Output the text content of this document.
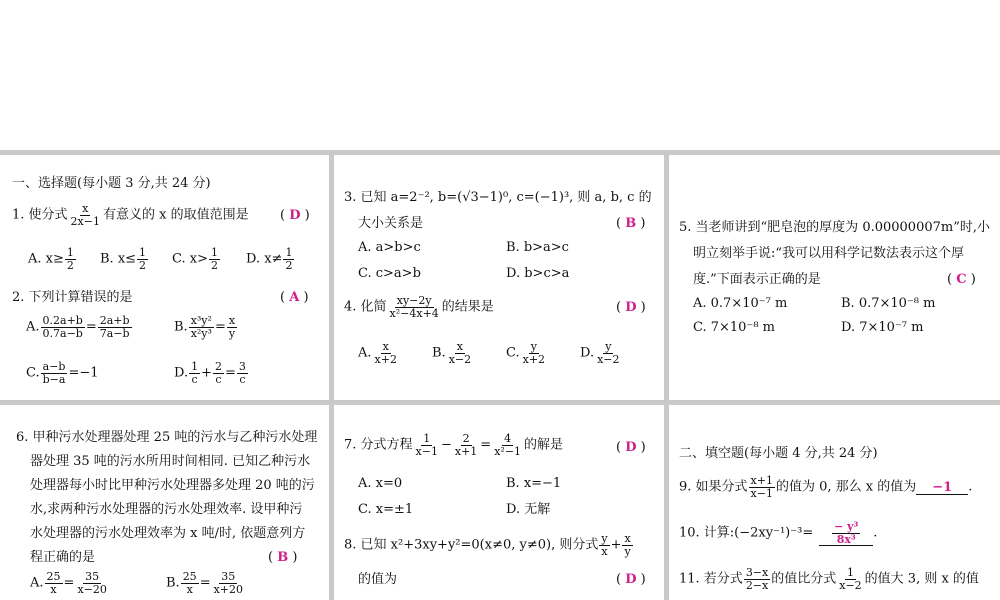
一、选择题(每小题 3 分,共 24 分)
1. 使分式 $\frac{x}{2x-1}$ 有意义的 x 的取值范围是 ( D )
A. $x\ge \frac{1}{2} B$. $x\le \frac{1}{2} C$. $x> \frac{1}{2} D$. $x\ne \frac{1}{2}$
2. 下列计算错误的是	( A )
A. $\frac{0.2a+b}{0.7a-b} = \frac{2a+b}{7a-b}$	B. $\frac{\text{x³y²}}{\text{x²y³}} = \frac{x}{y}$
C. $\frac{a-b}{b-a} =-1$	D. $\frac{1}{c} + \frac{2}{c} = \frac{3}{c}$
3. 已知 a=2⁻², b=(√3−1)⁰, c=(−1)³, 则 a, b, c 的
大小关系是	( B )
A. a>b>c	B. b>a>c
C. c>a>b	D. b>c>a
4. 化简 $\frac{xy-2y}{\text{x²−4x+4}}$ 的结果是	( D )
A. $\frac{x}{x+2}$	B. $\frac{x}{x-2}$	C. $\frac{y}{x+2}$	D. $\frac{y}{x-2}$
5. 当老师讲到“肥皂泡的厚度为 0.00000007m”时,小
明立刻举手说:“我可以用科学记数法表示这个厚
度.”下面表示正确的是	( C )
A. 0.7×10⁻⁷ m	B. 0.7×10⁻⁸ m
C. 7×10⁻⁸ m	D. 7×10⁻⁷ m
6. 甲种污水处理器处理 25 吨的污水与乙种污水处理
器处理 35 吨的污水所用时间相同. 已知乙种污水
处理器每小时比甲种污水处理器多处理 20 吨的污
水,求两种污水处理器的污水处理效率. 设甲种污
水处理器的污水处理效率为 x 吨/时, 依题意列方
程正确的是	( B )
A. $\frac{25}{x} = \frac{35}{x-20}$	B. $\frac{25}{x} = \frac{35}{x+20}$
7. 分式方程 $\frac{1}{x-1} - \frac{2}{x+1} = \frac{4}{\text{x²−1}}$ 的解是	( D )
A. x=0	B. x=−1
C. x=±1	D. 无解
8. 已知 x²+3xy+y²=0(x≠0, y≠0), 则分式 $\frac{y}{x} + \frac{x}{y}$
的值为	( D )
二、填空题(每小题 4 分,共 24 分)
9. 如果分式 $\frac{x+1}{x-1}$ 的值为 0, 那么 x 的值为 −1 .
10. 计算:(−2xy⁻¹)⁻³= $\frac{\text{− y³}}{\text{8x³}}$ .
11. 若分式 $\frac{3-x}{2-x}$ 的值比分式 $\frac{1}{x-2}$ 的值大 3, 则 x 的值
